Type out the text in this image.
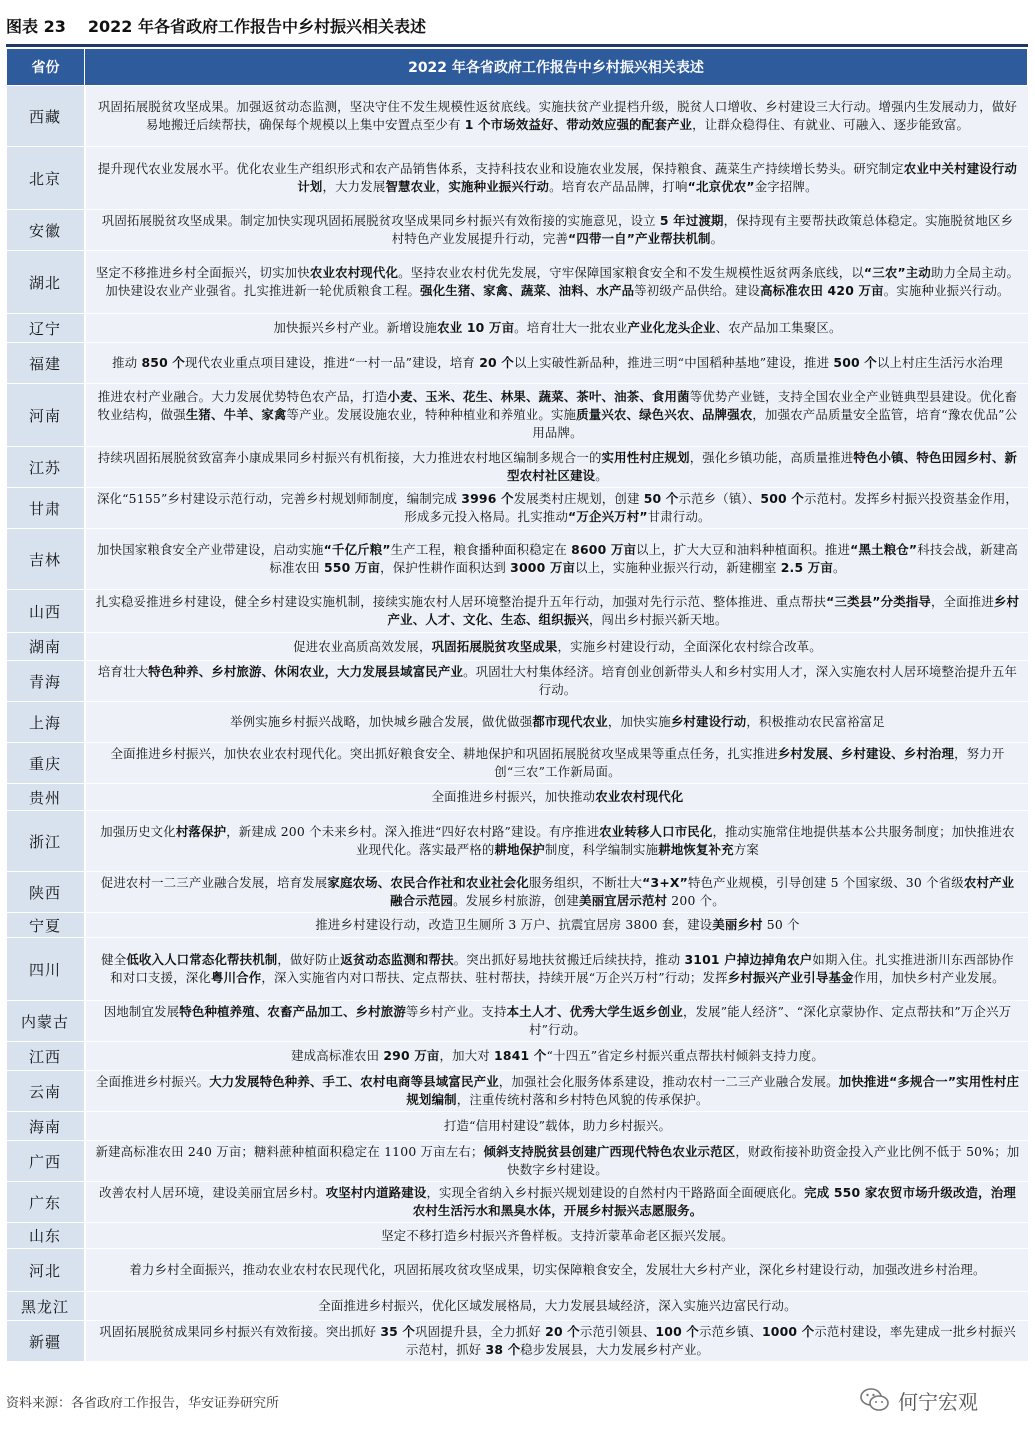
图表 23 2022 年各省政府工作报告中乡村振兴相关表述
省份	2022 年各省政府工作报告中乡村振兴相关表述
西藏	巩固拓展脱贫攻坚成果。加强返贫动态监测，坚决守住不发生规模性返贫底线。实施扶贫产业提档升级，脱贫人口增收、乡村建设三大行动。增强内生发展动力，做好易地搬迁后续帮扶，确保每个规模以上集中安置点至少有 1 个市场效益好、带动效应强的配套产业，让群众稳得住、有就业、可融入、逐步能致富。
北京	提升现代农业发展水平。优化农业生产组织形式和农产品销售体系，支持科技农业和设施农业发展，保持粮食、蔬菜生产持续增长势头。研究制定农业中关村建设行动计划，大力发展智慧农业，实施种业振兴行动。培育农产品品牌，打响“北京优农”金字招牌。
安徽	巩固拓展脱贫攻坚成果。制定加快实现巩固拓展脱贫攻坚成果同乡村振兴有效衔接的实施意见，设立 5 年过渡期，保持现有主要帮扶政策总体稳定。实施脱贫地区乡村特色产业发展提升行动，完善“四带一自”产业帮扶机制。
湖北	坚定不移推进乡村全面振兴，切实加快农业农村现代化。坚持农业农村优先发展，守牢保障国家粮食安全和不发生规模性返贫两条底线，以“三农”主动助力全局主动。加快建设农业产业强省。扎实推进新一轮优质粮食工程。强化生猪、家禽、蔬菜、油料、水产品等初级产品供给。建设高标准农田 420 万亩。实施种业振兴行动。
辽宁	加快振兴乡村产业。新增设施农业 10 万亩。培育壮大一批农业产业化龙头企业、农产品加工集聚区。
福建	推动 850 个现代农业重点项目建设，推进“一村一品”建设，培育 20 个以上实破性新品种，推进三明“中国稻种基地”建设，推进 500 个以上村庄生活污水治理
河南	推进农村产业融合。大力发展优势特色农产品，打造小麦、玉米、花生、林果、蔬菜、茶叶、油茶、食用菌等优势产业链，支持全国农业全产业链典型县建设。优化畜牧业结构，做强生猪、牛羊、家禽等产业。发展设施农业，特种种植业和养殖业。实施质量兴农、绿色兴农、品牌强农，加强农产品质量安全监管，培育“豫农优品”公用品牌。
江苏	持续巩固拓展脱贫致富奔小康成果同乡村振兴有机衔接，大力推进农村地区编制多规合一的实用性村庄规划，强化乡镇功能，高质量推进特色小镇、特色田园乡村、新型农村社区建设。
甘肃	深化“5155”乡村建设示范行动，完善乡村规划师制度，编制完成 3996 个发展类村庄规划，创建 50 个示范乡（镇）、500 个示范村。发挥乡村振兴投资基金作用，形成多元投入格局。扎实推动“万企兴万村”甘肃行动。
吉林	加快国家粮食安全产业带建设，启动实施“千亿斤粮”生产工程，粮食播种面积稳定在 8600 万亩以上，扩大大豆和油料种植面积。推进“黑土粮仓”科技会战，新建高标准农田 550 万亩，保护性耕作面积达到 3000 万亩以上，实施种业振兴行动，新建棚室 2.5 万亩。
山西	扎实稳妥推进乡村建设，健全乡村建设实施机制，接续实施农村人居环境整治提升五年行动，加强对先行示范、整体推进、重点帮扶“三类县”分类指导，全面推进乡村产业、人才、文化、生态、组织振兴，闯出乡村振兴新天地。
湖南	促进农业高质高效发展，巩固拓展脱贫攻坚成果，实施乡村建设行动，全面深化农村综合改革。
青海	培育壮大特色种养、乡村旅游、休闲农业，大力发展县域富民产业。巩固壮大村集体经济。培育创业创新带头人和乡村实用人才，深入实施农村人居环境整治提升五年行动。
上海	举例实施乡村振兴战略，加快城乡融合发展，做优做强都市现代农业，加快实施乡村建设行动，积极推动农民富裕富足
重庆	全面推进乡村振兴，加快农业农村现代化。突出抓好粮食安全、耕地保护和巩固拓展脱贫攻坚成果等重点任务，扎实推进乡村发展、乡村建设、乡村治理，努力开创“三农”工作新局面。
贵州	全面推进乡村振兴，加快推动农业农村现代化
浙江	加强历史文化村落保护，新建成 200 个未来乡村。深入推进“四好农村路”建设。有序推进农业转移人口市民化，推动实施常住地提供基本公共服务制度；加快推进农业现代化。落实最严格的耕地保护制度，科学编制实施耕地恢复补充方案
陕西	促进农村一二三产业融合发展，培育发展家庭农场、农民合作社和农业社会化服务组织，不断壮大“3+X”特色产业规模，引导创建 5 个国家级、30 个省级农村产业融合示范园。发展乡村旅游，创建美丽宜居示范村 200 个。
宁夏	推进乡村建设行动，改造卫生厕所 3 万户、抗震宜居房 3800 套，建设美丽乡村 50 个
四川	健全低收入人口常态化帮扶机制，做好防止返贫动态监测和帮扶。突出抓好易地扶贫搬迁后续扶持，推动 3101 户掉边掉角农户如期入住。扎实推进浙川东西部协作和对口支援，深化粤川合作，深入实施省内对口帮扶、定点帮扶、驻村帮扶，持续开展“万企兴万村”行动；发挥乡村振兴产业引导基金作用，加快乡村产业发展。
内蒙古	因地制宜发展特色种植养殖、农畜产品加工、乡村旅游等乡村产业。支持本土人才、优秀大学生返乡创业，发展”能人经济”、“深化京蒙协作、定点帮扶和”万企兴万村”行动。
江西	建成高标准农田 290 万亩，加大对 1841 个“十四五”省定乡村振兴重点帮扶村倾斜支持力度。
云南	全面推进乡村振兴。大力发展特色种养、手工、农村电商等县域富民产业，加强社会化服务体系建设，推动农村一二三产业融合发展。加快推进“多规合一”实用性村庄规划编制，注重传统村落和乡村特色风貌的传承保护。
海南	打造“信用村建设”载体，助力乡村振兴。
广西	新建高标准农田 240 万亩；糖料蔗种植面积稳定在 1100 万亩左右；倾斜支持脱贫县创建广西现代特色农业示范区，财政衔接补助资金投入产业比例不低于 50%；加快数字乡村建设。
广东	改善农村人居环境，建设美丽宜居乡村。攻坚村内道路建设，实现全省纳入乡村振兴规划建设的自然村内干路路面全面硬底化。完成 550 家农贸市场升级改造，治理农村生活污水和黑臭水体，开展乡村振兴志愿服务。
山东	坚定不移打造乡村振兴齐鲁样板。支持沂蒙革命老区振兴发展。
河北	着力乡村全面振兴，推动农业农村农民现代化，巩固拓展攻贫攻坚成果，切实保障粮食安全，发展壮大乡村产业，深化乡村建设行动，加强改进乡村治理。
黑龙江	全面推进乡村振兴，优化区域发展格局，大力发展县域经济，深入实施兴边富民行动。
新疆	巩固拓展脱贫成果同乡村振兴有效衔接。突出抓好 35 个巩固提升县，全力抓好 20 个示范引领县、100 个示范乡镇、1000 个示范村建设，率先建成一批乡村振兴示范村，抓好 38 个稳步发展县，大力发展乡村产业。
资料来源：各省政府工作报告，华安证券研究所	何宁宏观
